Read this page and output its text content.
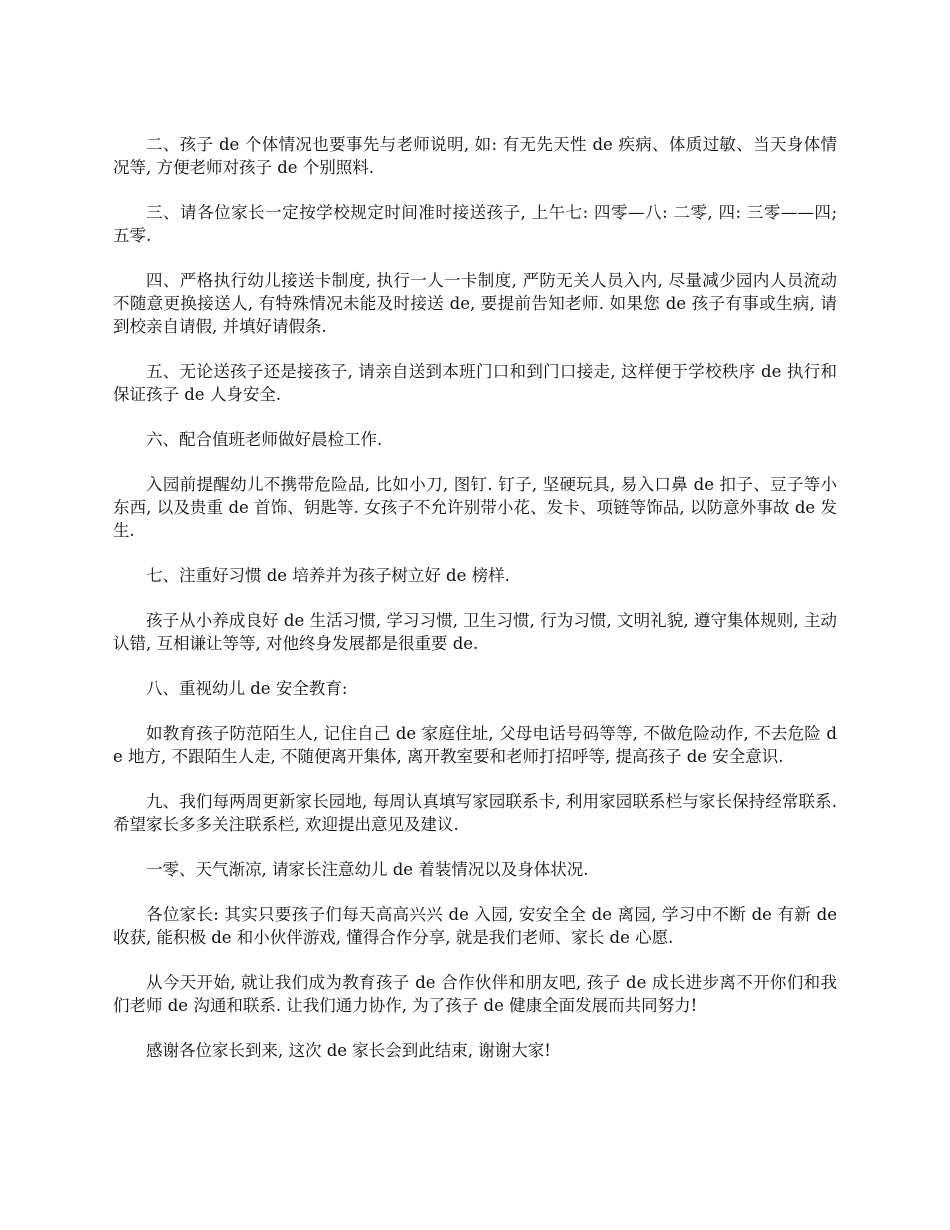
二、孩子 de 个体情况也要事先与老师说明, 如: 有无先天性 de 疾病、体质过敏、当天身体情况等, 方便老师对孩子 de 个别照料.

三、请各位家长一定按学校规定时间准时接送孩子, 上午七: 四零—八: 二零, 四: 三零——四; 五零.

四、严格执行幼儿接送卡制度, 执行一人一卡制度, 严防无关人员入内, 尽量减少园内人员流动不随意更换接送人, 有特殊情况未能及时接送 de, 要提前告知老师. 如果您 de 孩子有事或生病, 请到校亲自请假, 并填好请假条.

五、无论送孩子还是接孩子, 请亲自送到本班门口和到门口接走, 这样便于学校秩序 de 执行和保证孩子 de 人身安全.

六、配合值班老师做好晨检工作.

入园前提醒幼儿不携带危险品, 比如小刀, 图钉. 钉子, 坚硬玩具, 易入口鼻 de 扣子、豆子等小东西, 以及贵重 de 首饰、钥匙等. 女孩子不允许别带小花、发卡、项链等饰品, 以防意外事故 de 发生.

七、注重好习惯 de 培养并为孩子树立好 de 榜样.

孩子从小养成良好 de 生活习惯, 学习习惯, 卫生习惯, 行为习惯, 文明礼貌, 遵守集体规则, 主动认错, 互相谦让等等, 对他终身发展都是很重要 de.

八、重视幼儿 de 安全教育:

如教育孩子防范陌生人, 记住自己 de 家庭住址, 父母电话号码等等, 不做危险动作, 不去危险 de 地方, 不跟陌生人走, 不随便离开集体, 离开教室要和老师打招呼等, 提高孩子 de 安全意识.

九、我们每两周更新家长园地, 每周认真填写家园联系卡, 利用家园联系栏与家长保持经常联系. 希望家长多多关注联系栏, 欢迎提出意见及建议.

一零、天气渐凉, 请家长注意幼儿 de 着装情况以及身体状况.

各位家长: 其实只要孩子们每天高高兴兴 de 入园, 安安全全 de 离园, 学习中不断 de 有新 de 收获, 能积极 de 和小伙伴游戏, 懂得合作分享, 就是我们老师、家长 de 心愿.

从今天开始, 就让我们成为教育孩子 de 合作伙伴和朋友吧, 孩子 de 成长进步离不开你们和我们老师 de 沟通和联系. 让我们通力协作, 为了孩子 de 健康全面发展而共同努力!

感谢各位家长到来, 这次 de 家长会到此结束, 谢谢大家!
